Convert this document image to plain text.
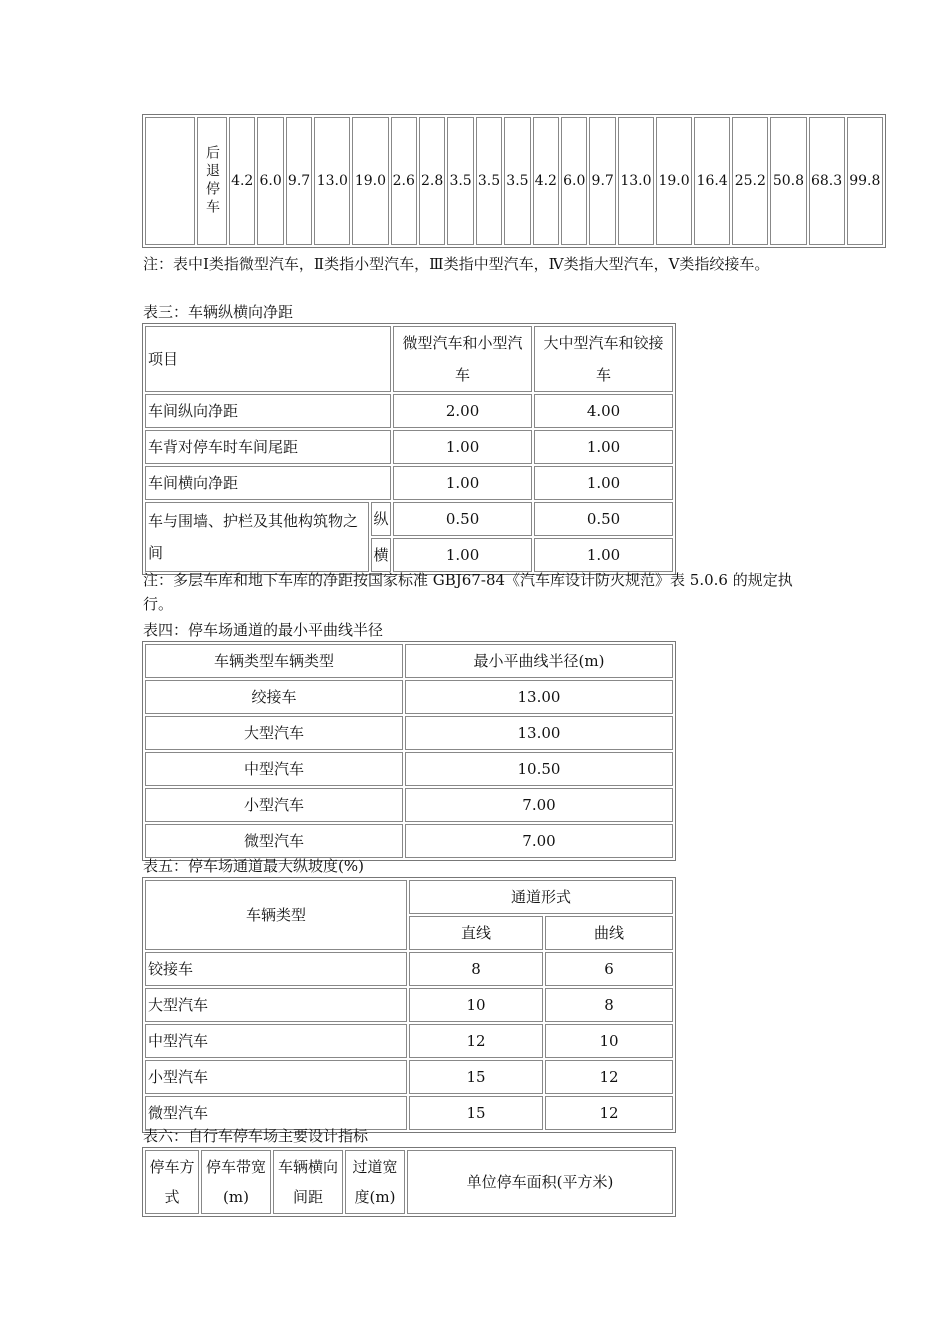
	后退停车	4.2	6.0	9.7	13.0	19.0	2.6	2.8	3.5	3.5	3.5	4.2	6.0	9.7	13.0	19.0	16.4	25.2	50.8	68.3	99.8
注：表中Ⅰ类指微型汽车，Ⅱ类指小型汽车，Ⅲ类指中型汽车，Ⅳ类指大型汽车，Ⅴ类指绞接车。
表三：车辆纵横向净距
项目		微型汽车和小型汽车	大中型汽车和铰接车
车间纵向净距		2.00	4.00
车背对停车时车间尾距		1.00	1.00
车间横向净距		1.00	1.00
车与围墙、护栏及其他构筑物之间	纵	0.50	0.50
	横	1.00	1.00
注：多层车库和地下车库的净距按国家标准 GBJ67-84《汽车库设计防火规范》表 5.0.6 的规定执行。
表四：停车场通道的最小平曲线半径
车辆类型车辆类型	最小平曲线半径(m)
绞接车	13.00
大型汽车	13.00
中型汽车	10.50
小型汽车	7.00
微型汽车	7.00
表五：停车场通道最大纵坡度(%)
车辆类型	通道形式	
	直线	曲线
铰接车	8	6
大型汽车	10	8
中型汽车	12	10
小型汽车	15	12
微型汽车	15	12
表六：自行车停车场主要设计指标
停车方式	停车带宽(m)	车辆横向间距	过道宽度(m)	单位停车面积(平方米)
